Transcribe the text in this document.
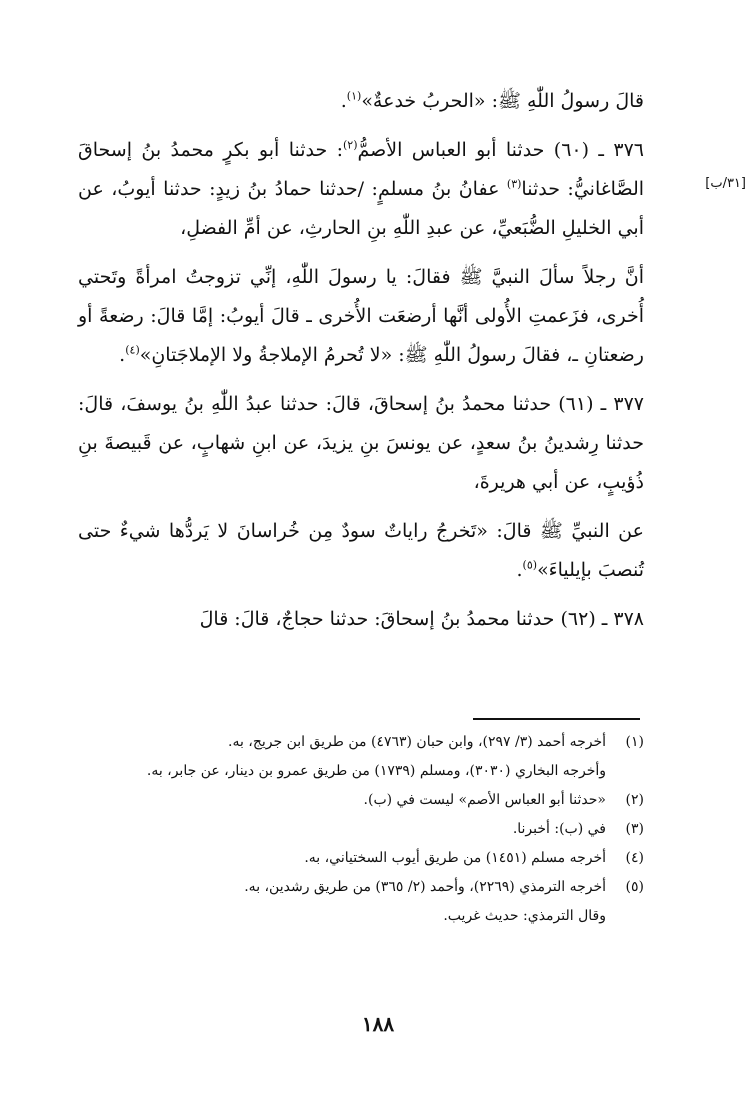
[٣١/ب]

قالَ رسولُ اللّٰهِ ﷺ: «الحربُ خدعةٌ»$^{(١)}$.

٣٧٦ ـ (٦٠) حدثنا أبو العباس الأصمُّ$^{(٢)}$: حدثنا أبو بكرٍ محمدُ بنُ إسحاقَ الصَّاغانيُّ: حدثنا$^{(٣)}$ عفانُ بنُ مسلمٍ: /حدثنا حمادُ بنُ زيدٍ: حدثنا أيوبُ، عن أبي الخليلِ الضُّبَعيِّ، عن عبدِ اللّٰهِ بنِ الحارثِ، عن أمِّ الفضلِ،

أنَّ رجلاً سألَ النبيَّ ﷺ فقالَ: يا رسولَ اللّٰهِ، إنِّي تزوجتُ امرأةً وتَحتي أُخرى، فزَعمتِ الأُولى أنَّها أرضعَت الأُخرى ـ قالَ أيوبُ: إمَّا قالَ: رضعةً أو رضعتانِ ـ، فقالَ رسولُ اللّٰهِ ﷺ: «لا تُحرمُ الإملاجةُ ولا الإملاجَتانِ»$^{(٤)}$.

٣٧٧ ـ (٦١) حدثنا محمدُ بنُ إسحاقَ، قالَ: حدثنا عبدُ اللّٰهِ بنُ يوسفَ، قالَ: حدثنا رِشدينُ بنُ سعدٍ، عن يونسَ بنِ يزيدَ، عن ابنِ شهابٍ، عن قَبيصةَ بنِ ذُؤيبٍ، عن أبي هريرةَ،

عن النبيِّ ﷺ قالَ: «تَخرجُ راياتٌ سودٌ مِن خُراسانَ لا يَردُّها شيءٌ حتى تُنصبَ بإيلياءَ»$^{(٥)}$.

٣٧٨ ـ (٦٢) حدثنا محمدُ بنُ إسحاقَ: حدثنا حجاجٌ، قالَ: قالَ

(١)
أخرجه أحمد (٣/ ٢٩٧)، وابن حبان (٤٧٦٣) من طريق ابن جريج، به.
وأخرجه البخاري (٣٠٣٠)، ومسلم (١٧٣٩) من طريق عمرو بن دينار، عن جابر، به.
(٢)
«حدثنا أبو العباس الأصم» ليست في (ب).
(٣)
في (ب): أخبرنا.
(٤)
أخرجه مسلم (١٤٥١) من طريق أيوب السختياني، به.
(٥)
أخرجه الترمذي (٢٢٦٩)، وأحمد (٢/ ٣٦٥) من طريق رشدين، به.
وقال الترمذي: حديث غريب.
١٨٨
